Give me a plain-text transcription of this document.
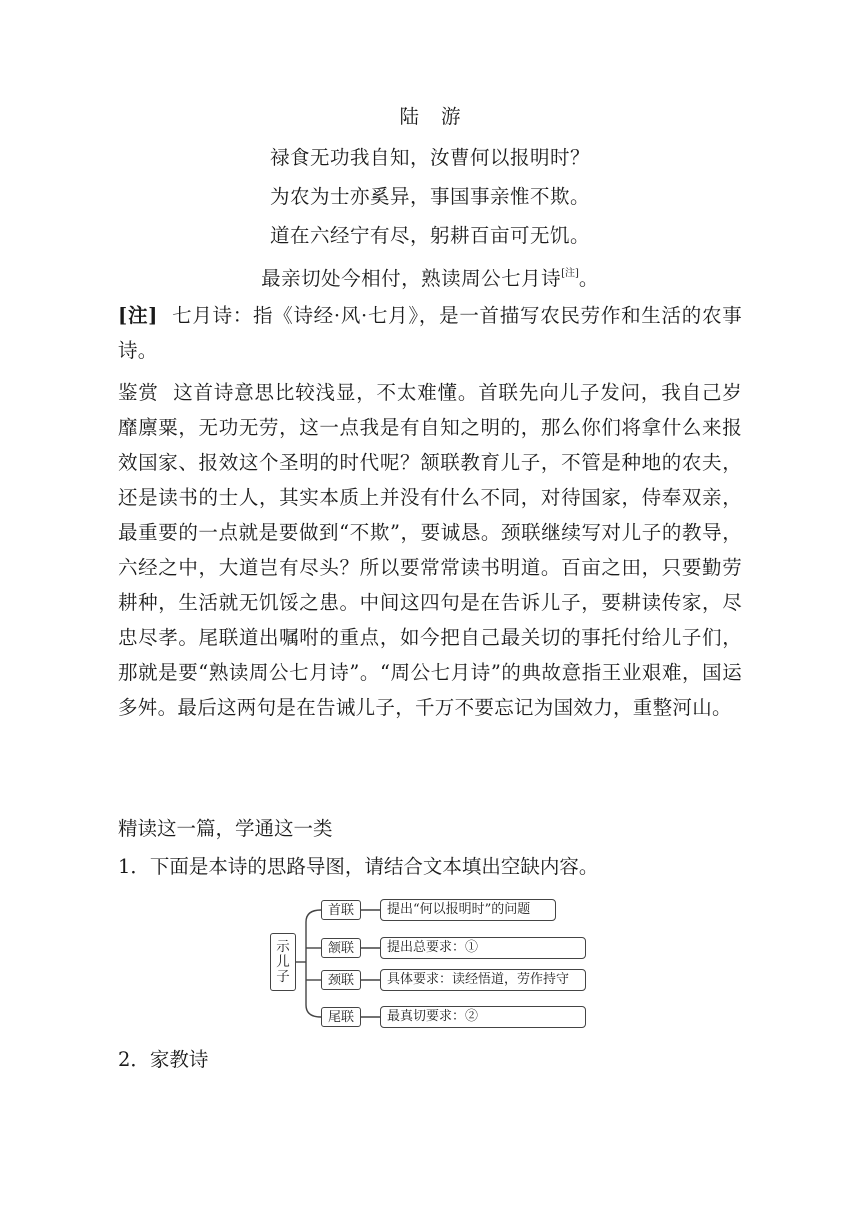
陆 游
禄食无功我自知，汝曹何以报明时？
为农为士亦奚异，事国事亲惟不欺。
道在六经宁有尽，躬耕百亩可无饥。
最亲切处今相付，熟读周公七月诗[注]。
[注] 七月诗：指《诗经·风·七月》，是一首描写农民劳作和生活的农事诗。
鉴赏 这首诗意思比较浅显，不太难懂。首联先向儿子发问，我自己岁靡廪粟，无功无劳，这一点我是有自知之明的，那么你们将拿什么来报效国家、报效这个圣明的时代呢？颔联教育儿子，不管是种地的农夫，还是读书的士人，其实本质上并没有什么不同，对待国家，侍奉双亲，最重要的一点就是要做到“不欺”，要诚恳。颈联继续写对儿子的教导，六经之中，大道岂有尽头？所以要常常读书明道。百亩之田，只要勤劳耕种，生活就无饥馁之患。中间这四句是在告诉儿子，要耕读传家，尽忠尽孝。尾联道出嘱咐的重点，如今把自己最关切的事托付给儿子们，那就是要“熟读周公七月诗”。“周公七月诗”的典故意指王业艰难，国运多舛。最后这两句是在告诫儿子，千万不要忘记为国效力，重整河山。
精读这一篇，学通这一类
1．下面是本诗的思路导图，请结合文本填出空缺内容。
示
儿
子
首联	提出“何以报明时”的问题
颔联	提出总要求：①
颈联	具体要求：读经悟道，劳作持守
尾联	最真切要求：②
2．家教诗
